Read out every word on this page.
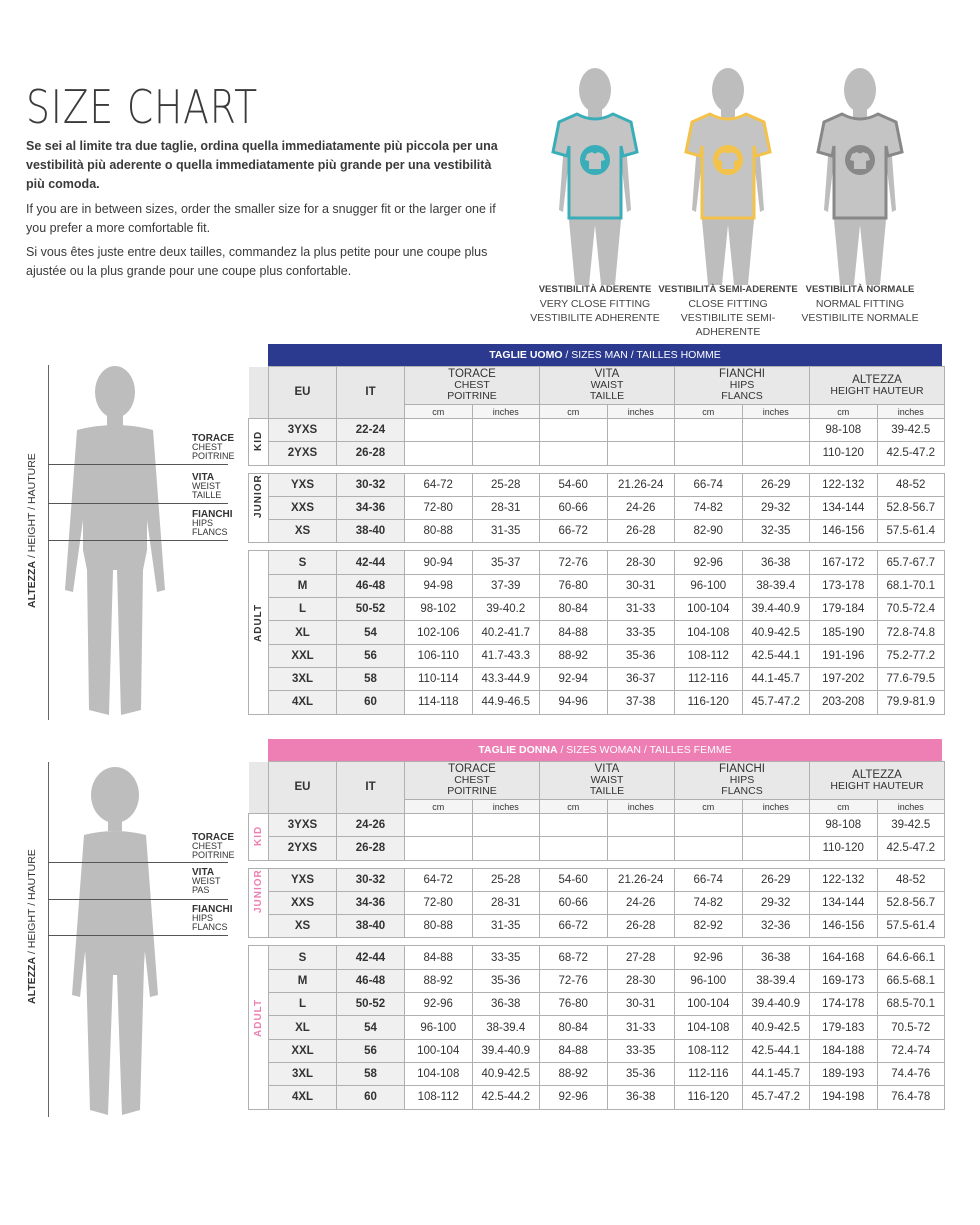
SIZE CHART
Se sei al limite tra due taglie, ordina quella immediatamente più piccola per una vestibilità più aderente o quella immediatamente più grande per una vestibilità più comoda.
If you are in between sizes, order the smaller size for a snugger fit or the larger one if you prefer a more comfortable fit.
Si vous êtes juste entre deux tailles, commandez la plus petite pour une coupe plus ajustée ou la plus grande pour une coupe plus confortable.
VESTIBILITÀ ADERENTE
VERY CLOSE FITTING
VESTIBILITE ADHERENTE
VESTIBILITÀ SEMI-ADERENTE
CLOSE FITTING
VESTIBILITE SEMI-ADHERENTE
VESTIBILITÀ NORMALE
NORMAL FITTING
VESTIBILITE NORMALE
ALTEZZA / HEIGHT / HAUTURE
TORACE
CHEST
POITRINE
VITA
WEIST
TAILLE
FIANCHI
HIPS
FLANCS
ALTEZZA / HEIGHT / HAUTURE
TORACE
CHEST
POITRINE
VITA
WEIST
PAS
FIANCHI
HIPS
FLANCS
TAGLIE UOMO / SIZES MAN / TAILLES HOMME
	EU	IT	TORACE
CHEST
POITRINE		VITA
WAIST
TAILLE		FIANCHI
HIPS
FLANCS		ALTEZZA
HEIGHT HAUTEUR	
			cm	inches	cm	inches	cm	inches	cm	inches

KID	3YXS	22-24							98-108	39-42.5
	2YXS	26-28							110-120	42.5-47.2

JUNIOR	YXS	30-32	64-72	25-28	54-60	21.26-24	66-74	26-29	122-132	48-52
	XXS	34-36	72-80	28-31	60-66	24-26	74-82	29-32	134-144	52.8-56.7
	XS	38-40	80-88	31-35	66-72	26-28	82-90	32-35	146-156	57.5-61.4

ADULT	S	42-44	90-94	35-37	72-76	28-30	92-96	36-38	167-172	65.7-67.7
	M	46-48	94-98	37-39	76-80	30-31	96-100	38-39.4	173-178	68.1-70.1
	L	50-52	98-102	39-40.2	80-84	31-33	100-104	39.4-40.9	179-184	70.5-72.4
	XL	54	102-106	40.2-41.7	84-88	33-35	104-108	40.9-42.5	185-190	72.8-74.8
	XXL	56	106-110	41.7-43.3	88-92	35-36	108-112	42.5-44.1	191-196	75.2-77.2
	3XL	58	110-114	43.3-44.9	92-94	36-37	112-116	44.1-45.7	197-202	77.6-79.5
	4XL	60	114-118	44.9-46.5	94-96	37-38	116-120	45.7-47.2	203-208	79.9-81.9
TAGLIE DONNA / SIZES WOMAN / TAILLES FEMME
	EU	IT	TORACE
CHEST
POITRINE		VITA
WAIST
TAILLE		FIANCHI
HIPS
FLANCS		ALTEZZA
HEIGHT HAUTEUR	
			cm	inches	cm	inches	cm	inches	cm	inches

KID	3YXS	24-26							98-108	39-42.5
	2YXS	26-28							110-120	42.5-47.2

JUNIOR	YXS	30-32	64-72	25-28	54-60	21.26-24	66-74	26-29	122-132	48-52
	XXS	34-36	72-80	28-31	60-66	24-26	74-82	29-32	134-144	52.8-56.7
	XS	38-40	80-88	31-35	66-72	26-28	82-92	32-36	146-156	57.5-61.4

ADULT	S	42-44	84-88	33-35	68-72	27-28	92-96	36-38	164-168	64.6-66.1
	M	46-48	88-92	35-36	72-76	28-30	96-100	38-39.4	169-173	66.5-68.1
	L	50-52	92-96	36-38	76-80	30-31	100-104	39.4-40.9	174-178	68.5-70.1
	XL	54	96-100	38-39.4	80-84	31-33	104-108	40.9-42.5	179-183	70.5-72
	XXL	56	100-104	39.4-40.9	84-88	33-35	108-112	42.5-44.1	184-188	72.4-74
	3XL	58	104-108	40.9-42.5	88-92	35-36	112-116	44.1-45.7	189-193	74.4-76
	4XL	60	108-112	42.5-44.2	92-96	36-38	116-120	45.7-47.2	194-198	76.4-78
